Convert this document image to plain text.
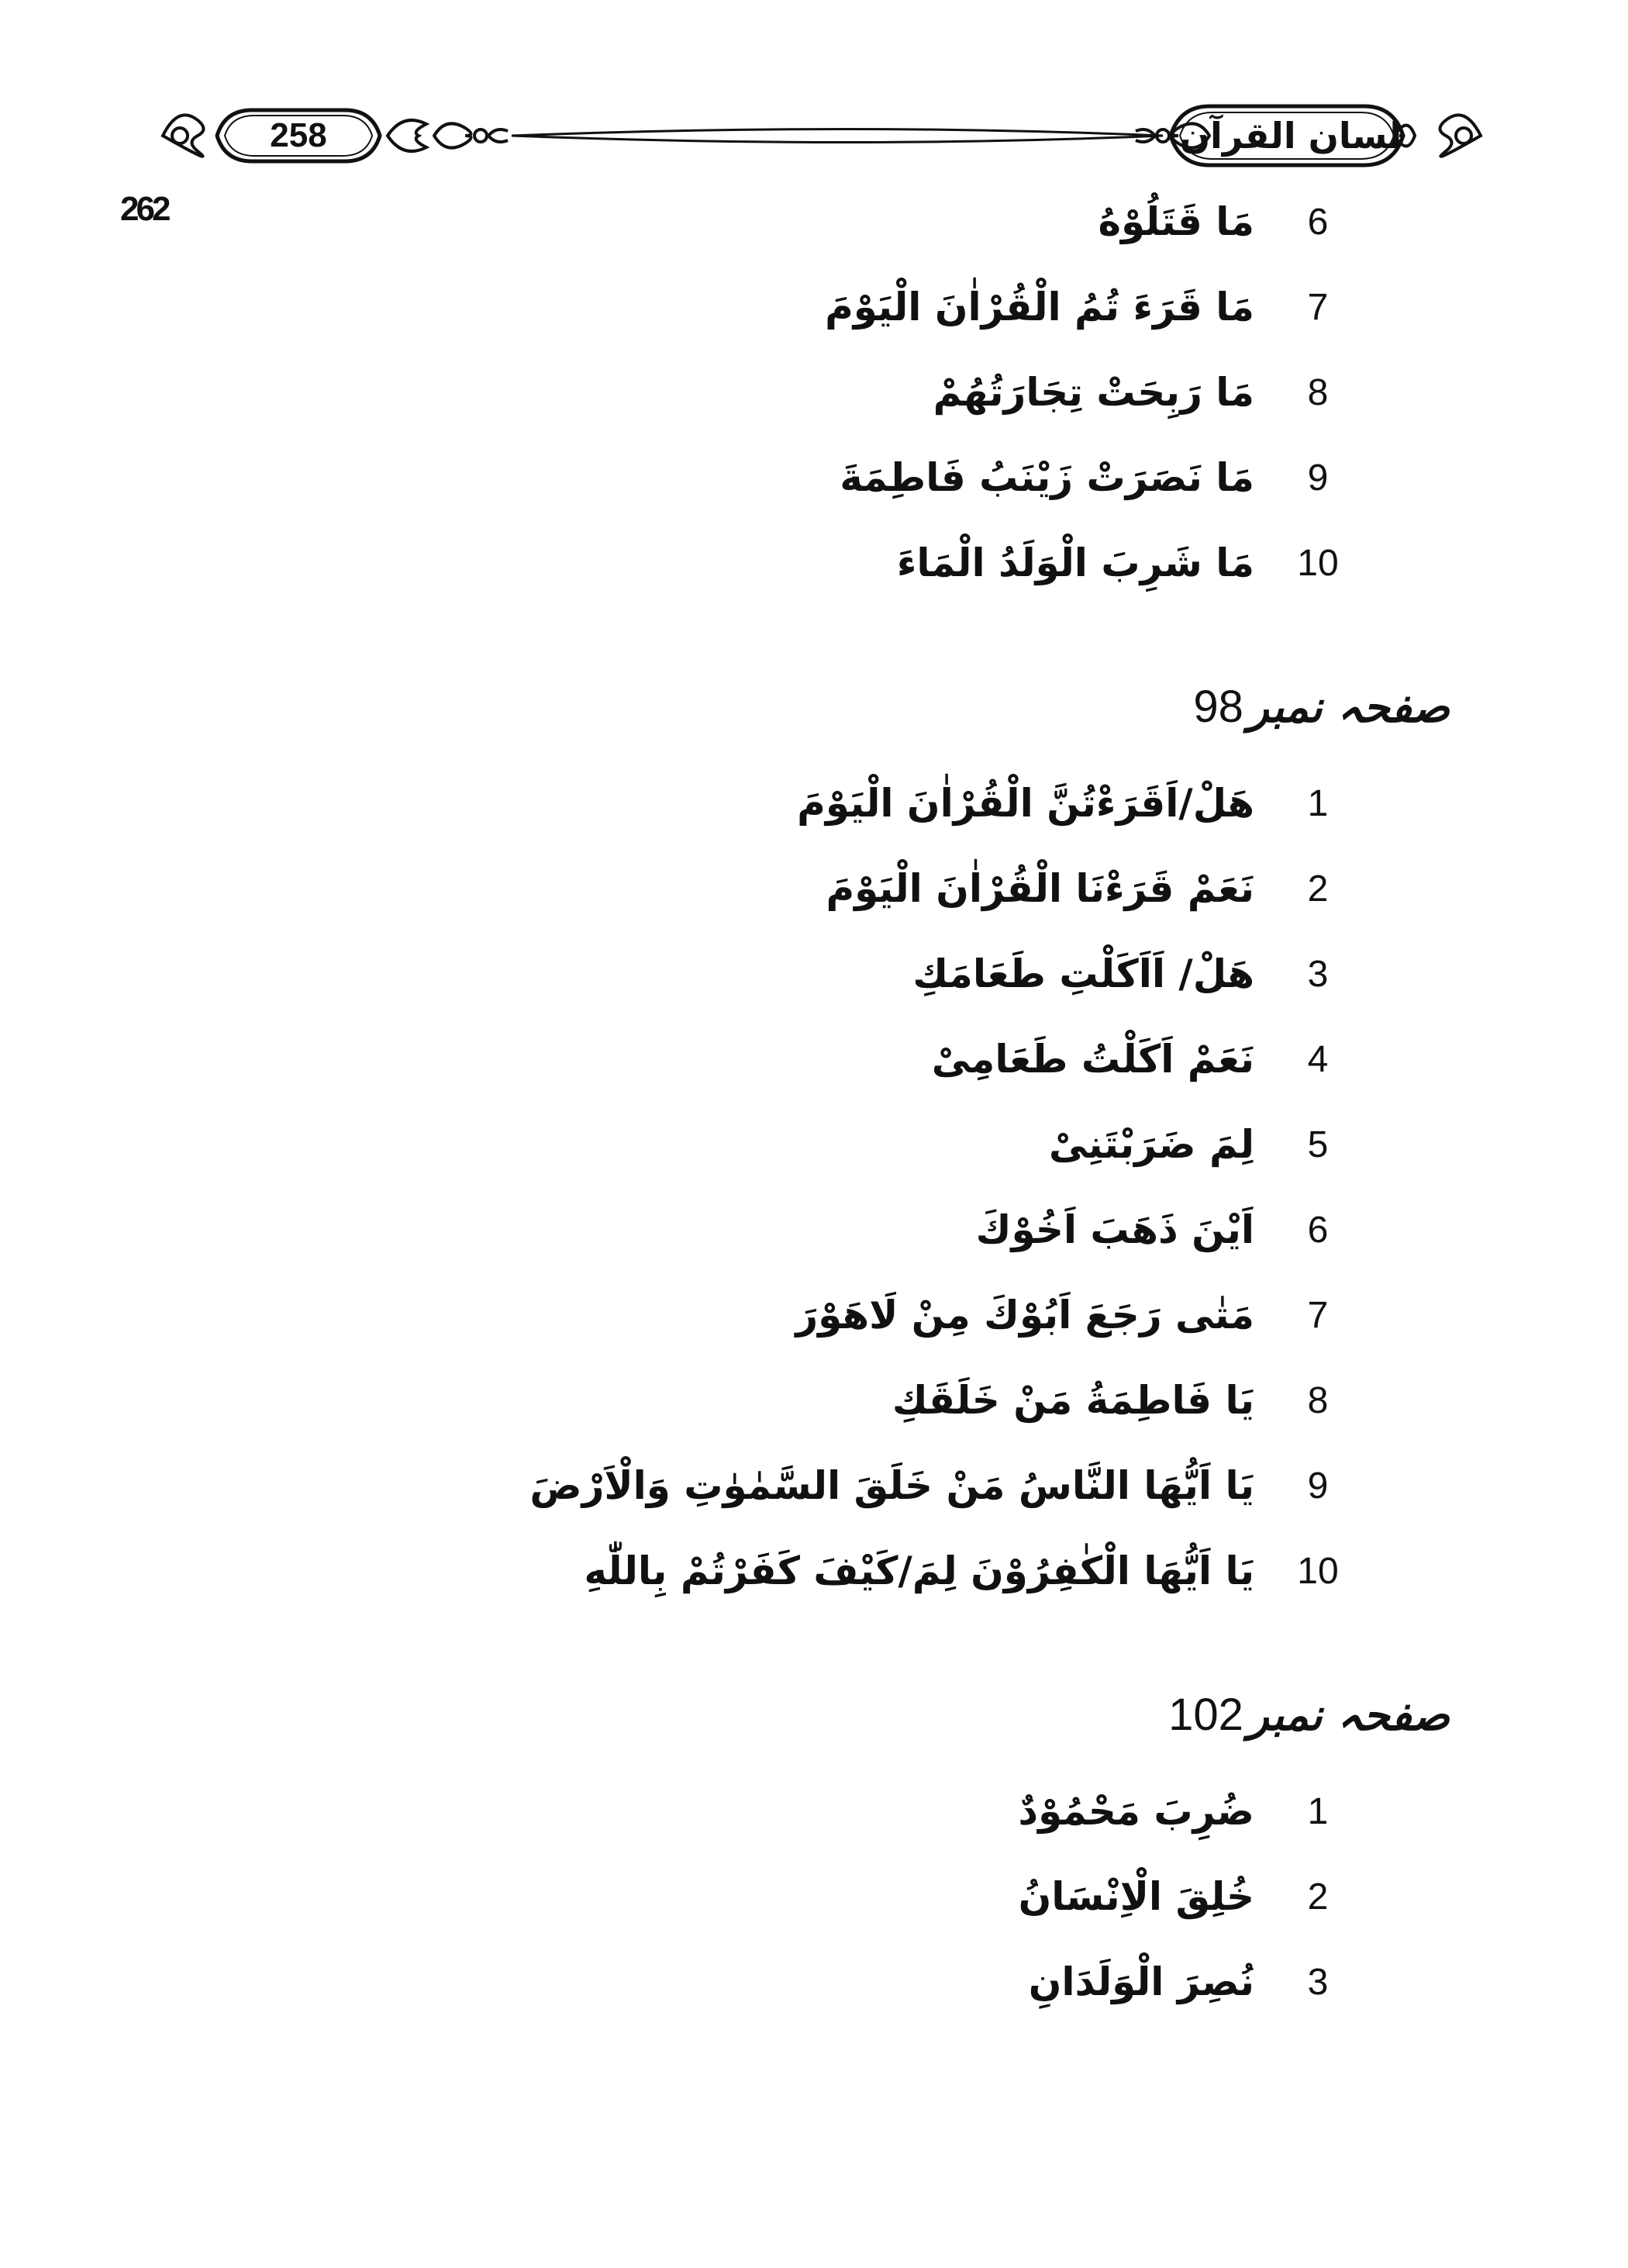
258	لسان القرآن
262	6
مَا قَتَلُوْهُ
7
مَا قَرَءَ تُمُ الْقُرْاٰنَ الْیَوْمَ
8
مَا رَبِحَتْ تِجَارَتُهُمْ
9
مَا نَصَرَتْ زَیْنَبُ فَاطِمَةَ
10
مَا شَرِبَ الْوَلَدُ الْمَاءَ
صفحہ نمبر
98
1
هَلْ/اَقَرَءْتُنَّ الْقُرْاٰنَ الْیَوْمَ
2
نَعَمْ قَرَءْنَا الْقُرْاٰنَ الْیَوْمَ
3
هَلْ/ اَاَكَلْتِ طَعَامَكِ
4
نَعَمْ اَكَلْتُ طَعَامِیْ
5
لِمَ ضَرَبْتَنِیْ
6
اَیْنَ ذَهَبَ اَخُوْكَ
7
مَتٰى رَجَعَ اَبُوْكَ مِنْ لَاهَوْرَ
8
یَا فَاطِمَةُ مَنْ خَلَقَكِ
9
یَا اَیُّهَا النَّاسُ مَنْ خَلَقَ السَّمٰوٰتِ وَالْاَرْضَ
10
یَا اَیُّهَا الْكٰفِرُوْنَ لِمَ/كَیْفَ كَفَرْتُمْ بِاللّٰهِ
صفحہ نمبر
102
1
ضُرِبَ مَحْمُوْدٌ
2
خُلِقَ الْاِنْسَانُ
3
نُصِرَ الْوَلَدَانِ
